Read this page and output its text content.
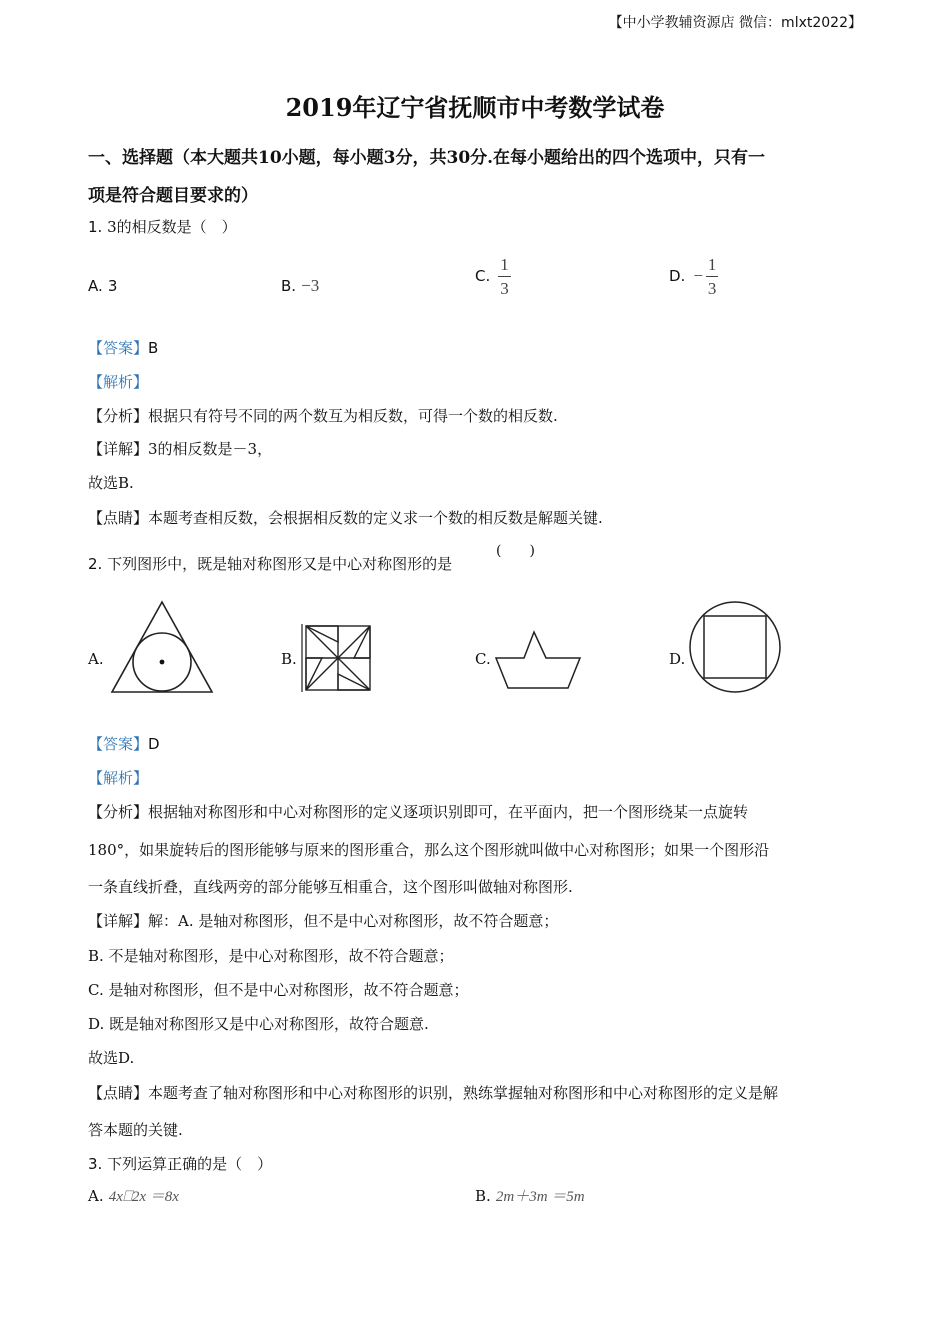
【中小学教辅资源店 微信：mlxt2022】
2019年辽宁省抚顺市中考数学试卷
一、选择题（本大题共10小题，每小题3分，共30分.在每小题给出的四个选项中，只有一
项是符合题目要求的）
1. 3的相反数是（　）
A. 3	B. −3	C. $\frac{1}{3}$	D. − $\frac{1}{3}$
【答案】B
【解析】
【分析】根据只有符号不同的两个数互为相反数，可得一个数的相反数.
【详解】3的相反数是－3，
故选B.
【点睛】本题考查相反数，会根据相反数的定义求一个数的相反数是解题关键.
2. 下列图形中，既是轴对称图形又是中心对称图形的是
(　　)
A.	B.	C.	D.
【答案】D
【解析】
【分析】根据轴对称图形和中心对称图形的定义逐项识别即可，在平面内，把一个图形绕某一点旋转
180°，如果旋转后的图形能够与原来的图形重合，那么这个图形就叫做中心对称图形；如果一个图形沿
一条直线折叠，直线两旁的部分能够互相重合，这个图形叫做轴对称图形.
【详解】解：A. 是轴对称图形，但不是中心对称图形，故不符合题意；
B. 不是轴对称图形，是中心对称图形，故不符合题意；
C. 是轴对称图形，但不是中心对称图形，故不符合题意；
D. 既是轴对称图形又是中心对称图形，故符合题意.
故选D.
【点睛】本题考查了轴对称图形和中心对称图形的识别，熟练掌握轴对称图形和中心对称图形的定义是解
答本题的关键.
3. 下列运算正确的是（　）
A. 4x⎕2x ＝8x	B. 2m＋3m ＝5m
